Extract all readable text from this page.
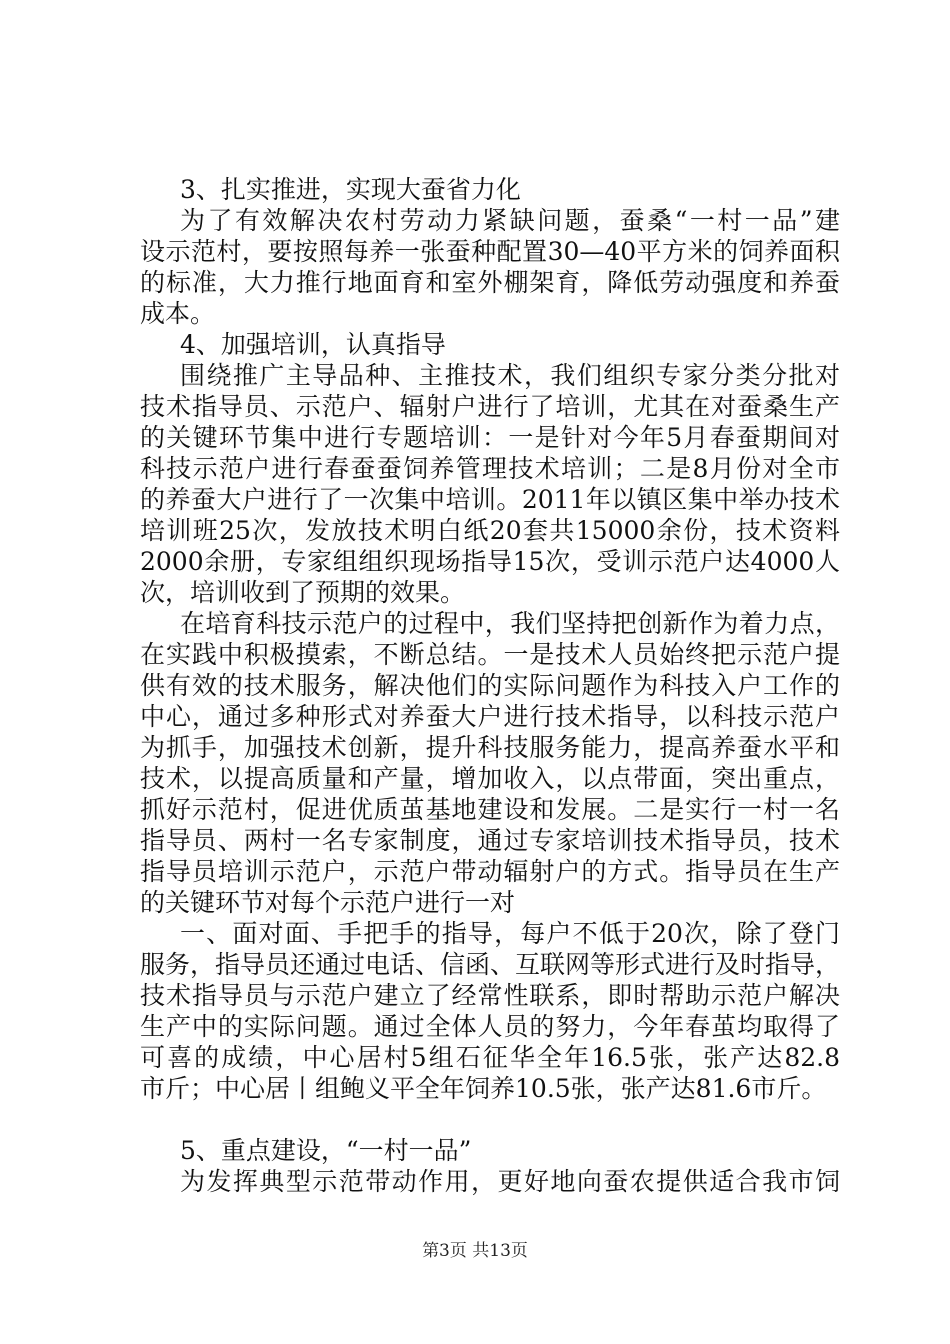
3、扎实推进，实现大蚕省力化
为了有效解决农村劳动力紧缺问题，蚕桑“一村一品”建
设示范村，要按照每养一张蚕种配置30—40平方米的饲养面积
的标准，大力推行地面育和室外棚架育，降低劳动强度和养蚕
成本。
4、加强培训，认真指导
围绕推广主导品种、主推技术，我们组织专家分类分批对
技术指导员、示范户、辐射户进行了培训，尤其在对蚕桑生产
的关键环节集中进行专题培训：一是针对今年5月春蚕期间对
科技示范户进行春蚕蚕饲养管理技术培训；二是8月份对全市
的养蚕大户进行了一次集中培训。2011年以镇区集中举办技术
培训班25次，发放技术明白纸20套共15000余份，技术资料
2000余册，专家组组织现场指导15次，受训示范户达4000人
次，培训收到了预期的效果。
在培育科技示范户的过程中，我们坚持把创新作为着力点，
在实践中积极摸索，不断总结。一是技术人员始终把示范户提
供有效的技术服务，解决他们的实际问题作为科技入户工作的
中心，通过多种形式对养蚕大户进行技术指导，以科技示范户
为抓手，加强技术创新，提升科技服务能力，提高养蚕水平和
技术，以提高质量和产量，增加收入，以点带面，突出重点，
抓好示范村，促进优质茧基地建设和发展。二是实行一村一名
指导员、两村一名专家制度，通过专家培训技术指导员，技术
指导员培训示范户，示范户带动辐射户的方式。指导员在生产
的关键环节对每个示范户进行一对
一、面对面、手把手的指导，每户不低于20次，除了登门
服务，指导员还通过电话、信函、互联网等形式进行及时指导，
技术指导员与示范户建立了经常性联系，即时帮助示范户解决
生产中的实际问题。通过全体人员的努力，今年春茧均取得了
可喜的成绩，中心居村5组石征华全年16.5张，张产达82.8
市斤；中心居丨组鲍义平全年饲养10.5张，张产达81.6市斤。
5、重点建设，“一村一品”
为发挥典型示范带动作用，更好地向蚕农提供适合我市饲
第3页 共13页
